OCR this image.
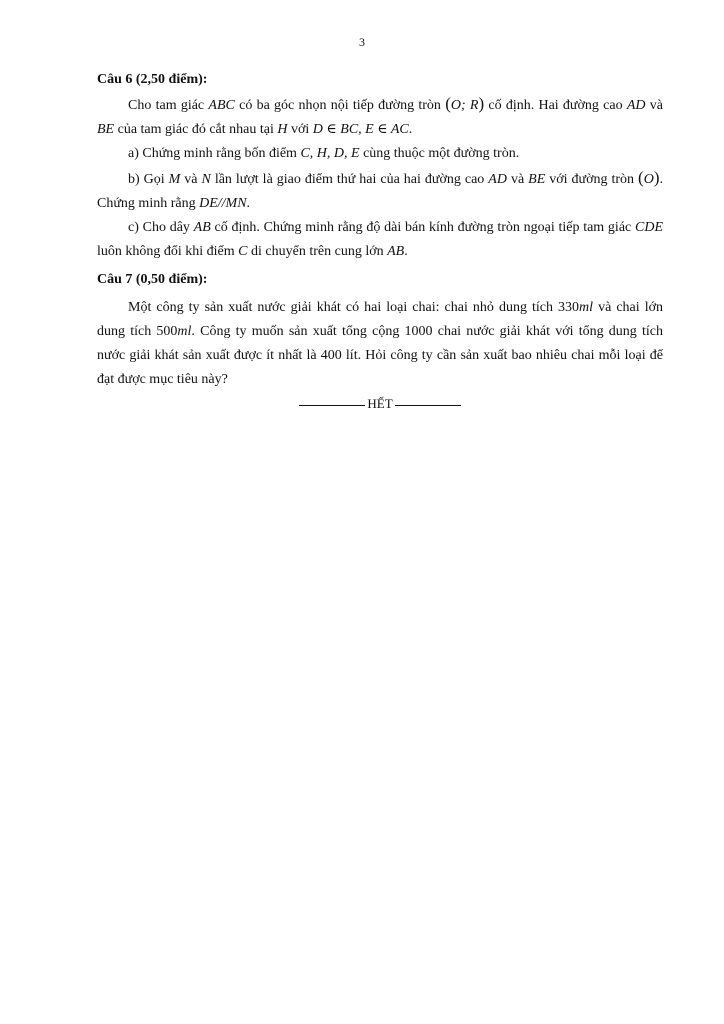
3

Câu 6 (2,50 điểm):

Cho tam giác ABC có ba góc nhọn nội tiếp đường tròn (O; R) cố định. Hai đường cao AD và BE của tam giác đó cắt nhau tại H với D ∈ BC, E ∈ AC.

a) Chứng minh rằng bốn điểm C, H, D, E cùng thuộc một đường tròn.

b) Gọi M và N lần lượt là giao điểm thứ hai của hai đường cao AD và BE với đường tròn (O). Chứng minh rằng DE//MN.

c) Cho dây AB cố định. Chứng minh rằng độ dài bán kính đường tròn ngoại tiếp tam giác CDE luôn không đổi khi điểm C di chuyển trên cung lớn AB.

Câu 7 (0,50 điểm):

Một công ty sản xuất nước giải khát có hai loại chai: chai nhỏ dung tích 330ml và chai lớn dung tích 500ml. Công ty muốn sản xuất tổng cộng 1000 chai nước giải khát với tổng dung tích nước giải khát sản xuất được ít nhất là 400 lít. Hỏi công ty cần sản xuất bao nhiêu chai mỗi loại để đạt được mục tiêu này?

HẾT
